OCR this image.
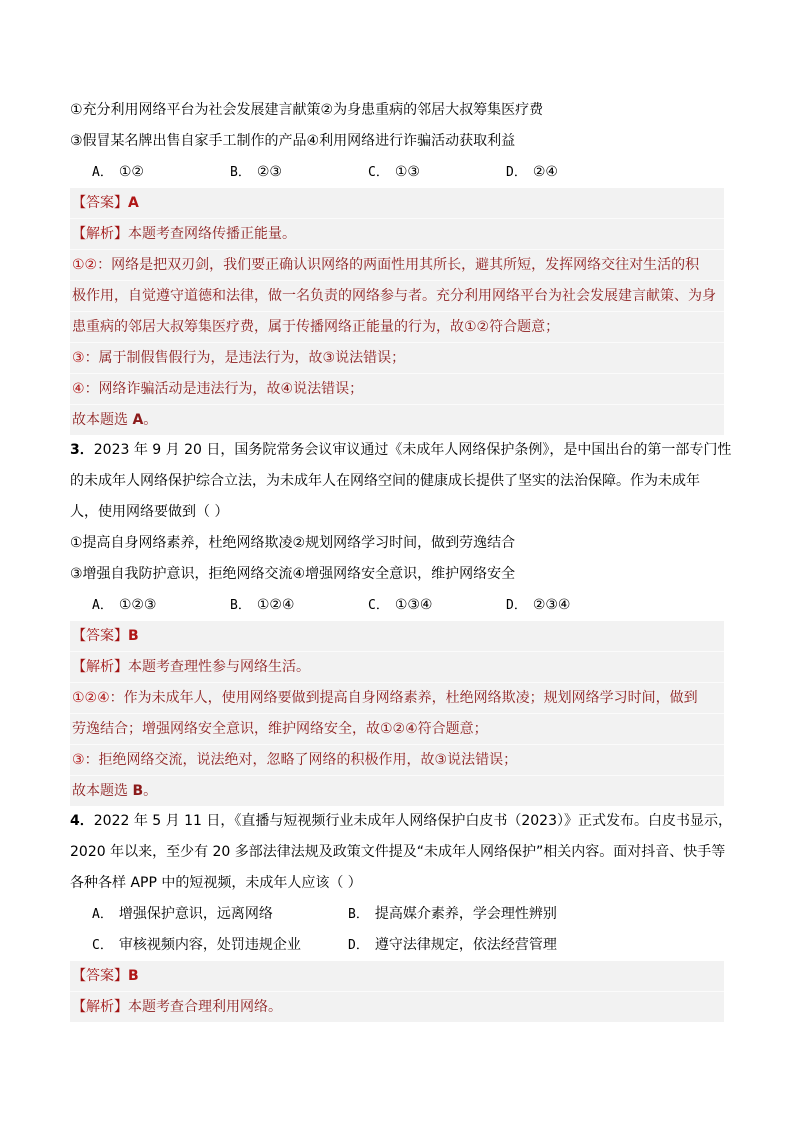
①充分利用网络平台为社会发展建言献策②为身患重病的邻居大叔筹集医疗费
③假冒某名牌出售自家手工制作的产品④利用网络进行诈骗活动获取利益
A． ①②	B． ②③	C． ①③	D． ②④
【答案】A
【解析】本题考查网络传播正能量。
①②：网络是把双刃剑，我们要正确认识网络的两面性用其所长，避其所短，发挥网络交往对生活的积
极作用，自觉遵守道德和法律，做一名负责的网络参与者。充分利用网络平台为社会发展建言献策、为身
患重病的邻居大叔筹集医疗费，属于传播网络正能量的行为，故①②符合题意；
③：属于制假售假行为，是违法行为，故③说法错误；
④：网络诈骗活动是违法行为，故④说法错误；
故本题选 A。
3．2023 年 9 月 20 日，国务院常务会议审议通过《未成年人网络保护条例》，是中国出台的第一部专门性
的未成年人网络保护综合立法，为未成年人在网络空间的健康成长提供了坚实的法治保障。作为未成年
人，使用网络要做到（ ）
①提高自身网络素养，杜绝网络欺凌②规划网络学习时间，做到劳逸结合
③增强自我防护意识，拒绝网络交流④增强网络安全意识，维护网络安全
A． ①②③	B． ①②④	C． ①③④	D． ②③④
【答案】B
【解析】本题考查理性参与网络生活。
①②④：作为未成年人，使用网络要做到提高自身网络素养，杜绝网络欺凌；规划网络学习时间，做到
劳逸结合；增强网络安全意识，维护网络安全，故①②④符合题意；
③：拒绝网络交流，说法绝对，忽略了网络的积极作用，故③说法错误；
故本题选 B。
4．2022 年 5 月 11 日，《直播与短视频行业未成年人网络保护白皮书（2023）》正式发布。白皮书显示，
2020 年以来，至少有 20 多部法律法规及政策文件提及“未成年人网络保护”相关内容。面对抖音、快手等
各种各样 APP 中的短视频，未成年人应该（ ）
A． 增强保护意识，远离网络	B． 提高媒介素养，学会理性辨别
C． 审核视频内容，处罚违规企业	D． 遵守法律规定，依法经营管理
【答案】B
【解析】本题考查合理利用网络。
